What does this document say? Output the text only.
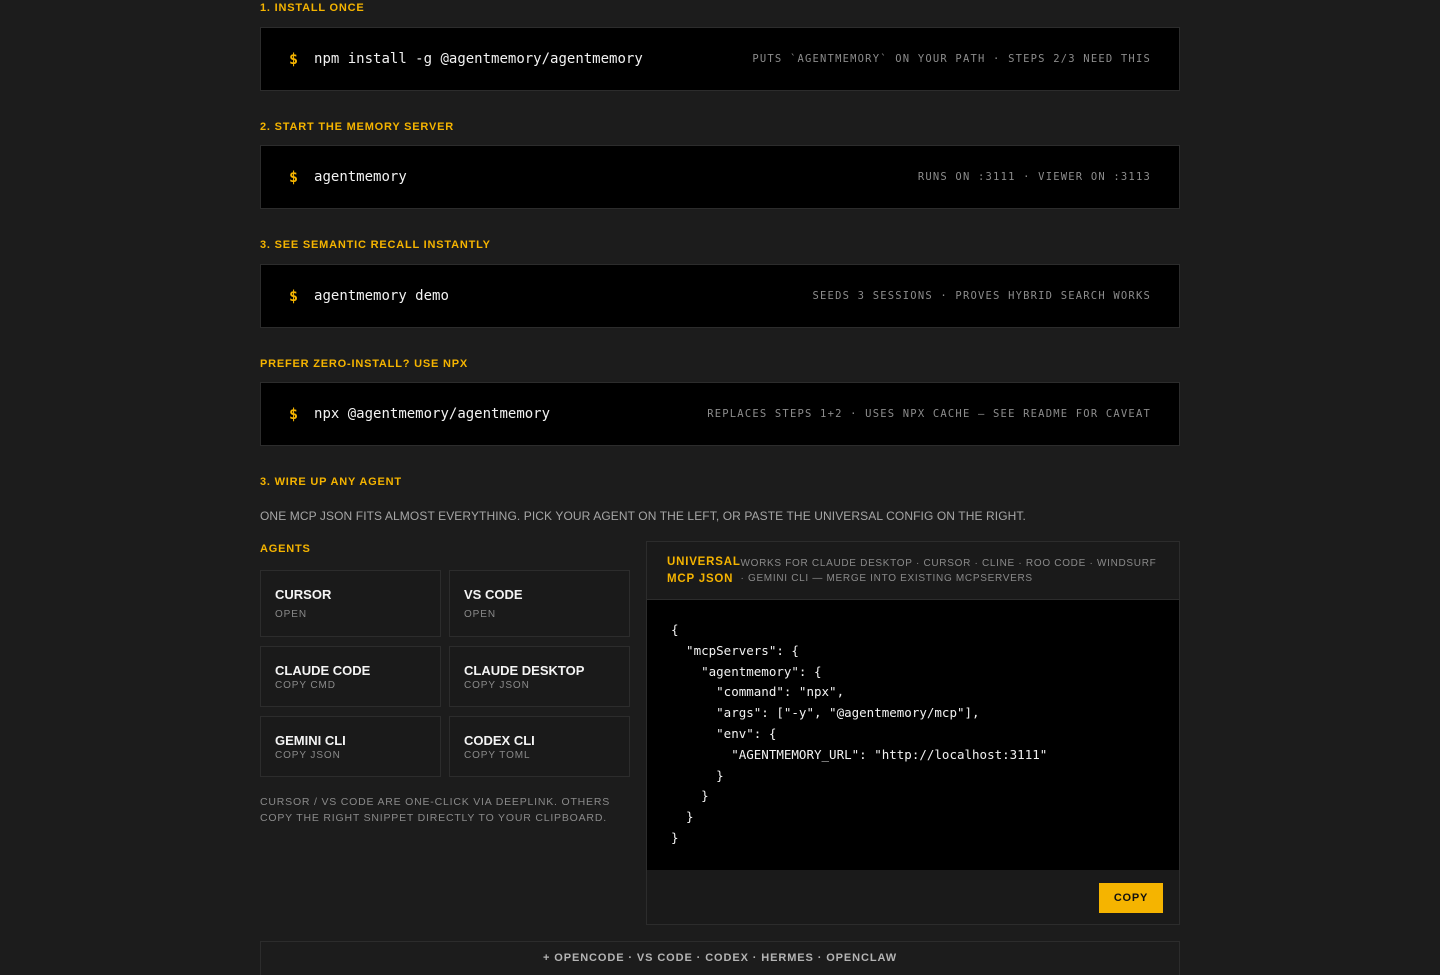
1. INSTALL ONCE
$ npm install -g @agentmemory/agentmemory	PUTS `AGENTMEMORY` ON YOUR PATH · STEPS 2/3 NEED THIS
2. START THE MEMORY SERVER
$ agentmemory	RUNS ON :3111 · VIEWER ON :3113
3. SEE SEMANTIC RECALL INSTANTLY
$ agentmemory demo	SEEDS 3 SESSIONS · PROVES HYBRID SEARCH WORKS
PREFER ZERO-INSTALL? USE NPX
$ npx @agentmemory/agentmemory	REPLACES STEPS 1+2 · USES NPX CACHE — SEE README FOR CAVEAT
3. WIRE UP ANY AGENT
ONE MCP JSON FITS ALMOST EVERYTHING. PICK YOUR AGENT ON THE LEFT, OR PASTE THE UNIVERSAL CONFIG ON THE RIGHT.
AGENTS
CURSOR
OPEN
VS CODE
OPEN
CLAUDE CODE
COPY CMD
CLAUDE DESKTOP
COPY JSON
GEMINI CLI
COPY JSON
CODEX CLI
COPY TOML
CURSOR / VS CODE ARE ONE-CLICK VIA DEEPLINK. OTHERS COPY THE RIGHT SNIPPET DIRECTLY TO YOUR CLIPBOARD.
UNIVERSAL MCP JSON
WORKS FOR CLAUDE DESKTOP · CURSOR · CLINE · ROO CODE · WINDSURF · GEMINI CLI — MERGE INTO EXISTING MCPSERVERS
{
"mcpServers": {
"agentmemory": {
"command": "npx",
"args": ["-y", "@agentmemory/mcp"],
"env": {
"AGENTMEMORY_URL": "http://localhost:3111"
}
}
}
}
COPY
+ OPENCODE · VS CODE · CODEX · HERMES · OPENCLAW
